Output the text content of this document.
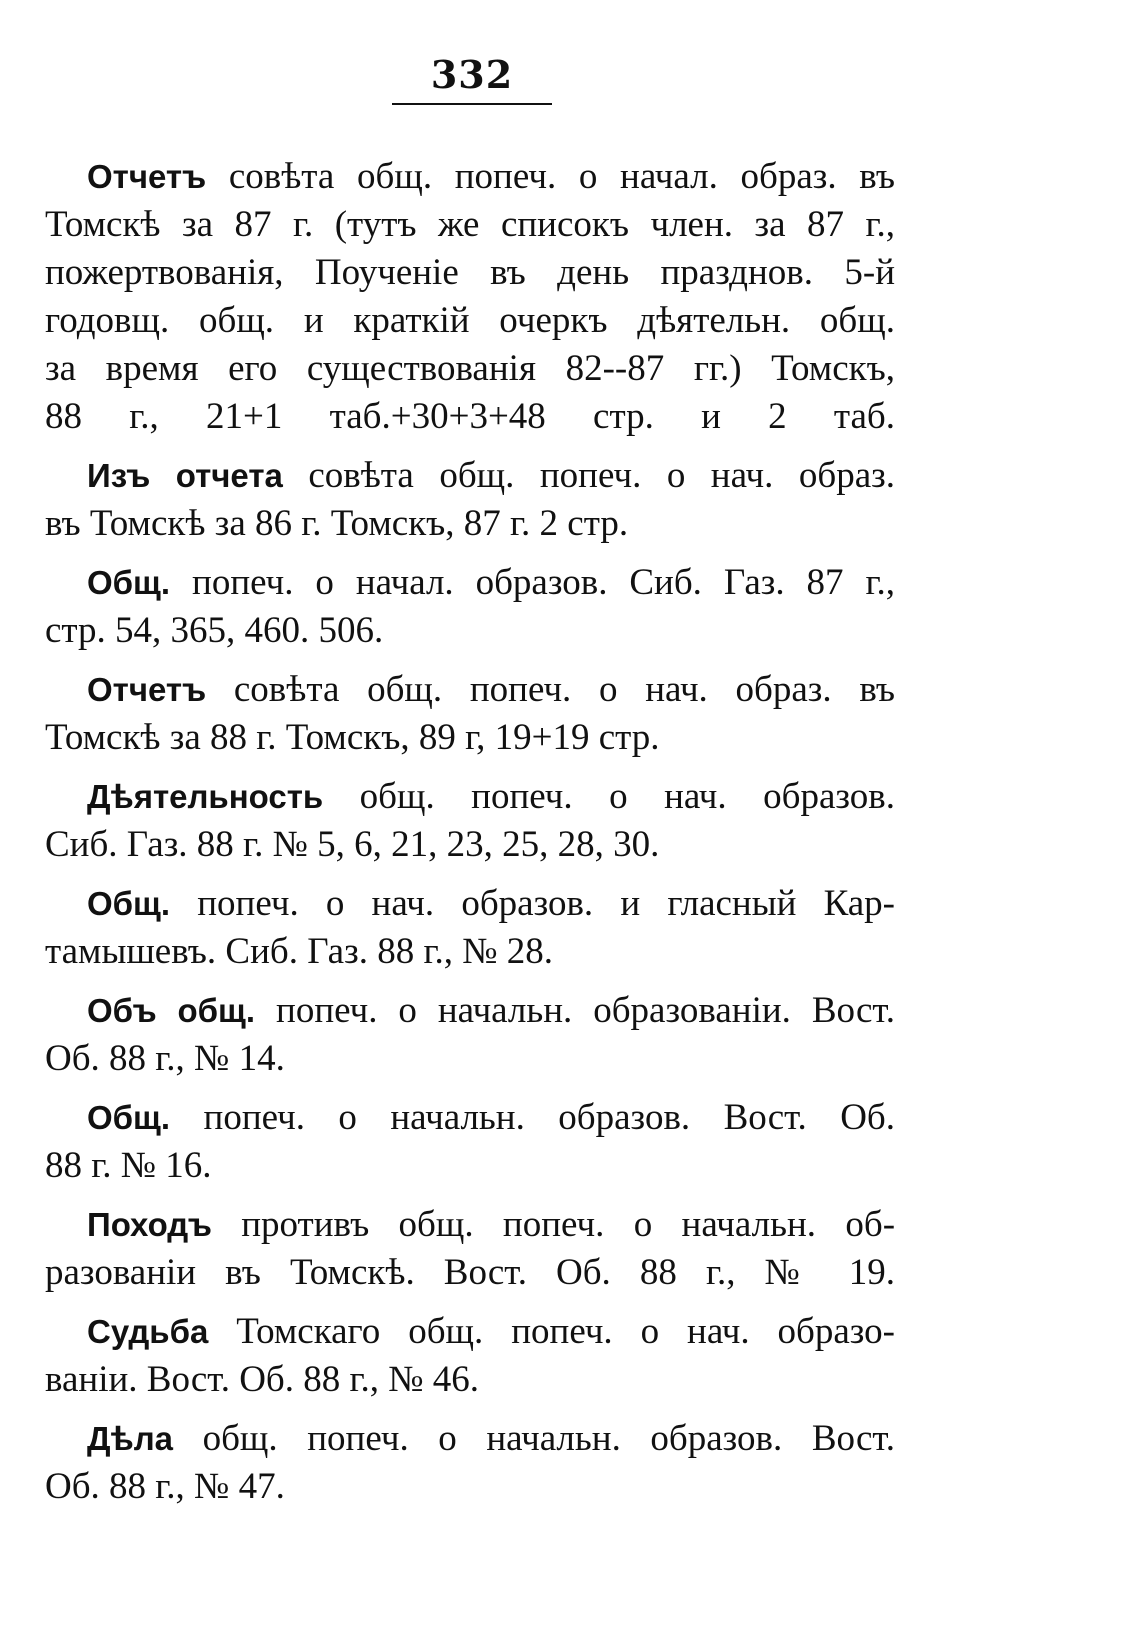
332
Отчетъ совѣта общ. попеч. о начал. образ. въ
Томскѣ за 87 г. (тутъ же списокъ член. за 87 г.,
пожертвованія, Поученіе въ день празднов. 5-й
годовщ. общ. и краткій очеркъ дѣятельн. общ.
за время его существованія 82--87 гг.) Томскъ,
88 г., 21+1 таб.+30+3+48 стр. и 2 таб.
Изъ отчета совѣта общ. попеч. о нач. образ.
въ Томскѣ за 86 г. Томскъ, 87 г. 2 стр.
Общ. попеч. о начал. образов. Сиб. Газ. 87 г.,
стр. 54, 365, 460. 506.
Отчетъ совѣта общ. попеч. о нач. образ. въ
Томскѣ за 88 г. Томскъ, 89 г, 19+19 стр.
Дѣятельность общ. попеч. о нач. образов.
Сиб. Газ. 88 г. № 5, 6, 21, 23, 25, 28, 30.
Общ. попеч. о нач. образов. и гласный Кар-
тамышевъ. Сиб. Газ. 88 г., № 28.
Объ общ. попеч. о начальн. образованіи. Вост.
Об. 88 г., № 14.
Общ. попеч. о начальн. образов. Вост. Об.
88 г. № 16.
Походъ противъ общ. попеч. о начальн. об-
разованіи въ Томскѣ. Вост. Об. 88 г., № 19.
Судьба Томскаго общ. попеч. о нач. образо-
ваніи. Вост. Об. 88 г., № 46.
Дѣла общ. попеч. о начальн. образов. Вост.
Об. 88 г., № 47.
